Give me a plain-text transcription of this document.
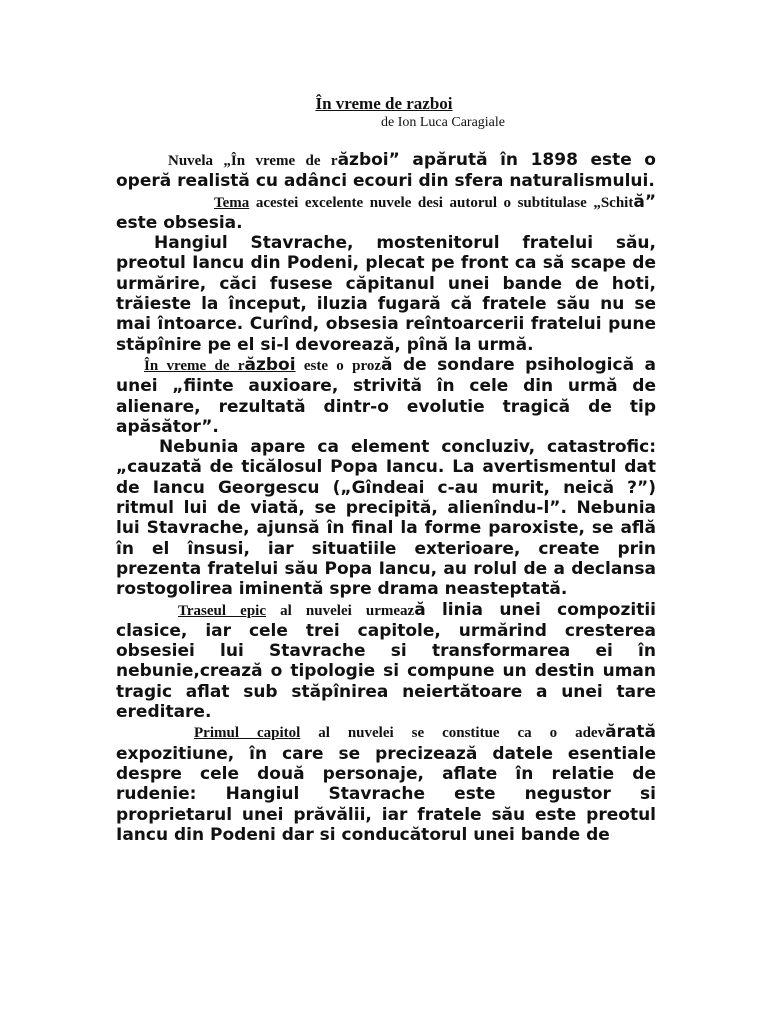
În vreme de razboi
de Ion Luca Caragiale

Nuvela „În vreme de război” apărută în 1898 este o operă realistă cu adânci ecouri din sfera naturalismului.

Tema acestei excelente nuvele desi autorul o subtitulase „Schită” este obsesia.

Hangiul Stavrache, mostenitorul fratelui său, preotul Iancu din Podeni, plecat pe front ca să scape de urmărire, căci fusese căpitanul unei bande de hoti, trăieste la început, iluzia fugară că fratele său nu se mai întoarce. Curînd, obsesia reîntoarcerii fratelui pune stăpînire pe el si-l devorează, pînă la urmă.

În vreme de război este o proză de sondare psihologică a unei „fiinte auxioare, strivită în cele din urmă de alienare, rezultată dintr-o evolutie tragică de tip apăsător”.

Nebunia apare ca element concluziv, catastrofic: „cauzată de ticălosul Popa Iancu. La avertismentul dat de Iancu Georgescu („Gîndeai c-au murit, neică ?”) ritmul lui de viată, se precipită, alienîndu-l”. Nebunia lui Stavrache, ajunsă în final la forme paroxiste, se află în el însusi, iar situatiile exterioare, create prin prezenta fratelui său Popa Iancu, au rolul de a declansa rostogolirea iminentă spre drama neasteptată.

Traseul epic al nuvelei urmează linia unei compozitii clasice, iar cele trei capitole, urmărind cresterea obsesiei lui Stavrache si transformarea ei în nebunie,crează o tipologie si compune un destin uman tragic aflat sub stăpînirea neiertătoare a unei tare ereditare.

Primul capitol al nuvelei se constitue ca o adevărată expozitiune, în care se precizează datele esentiale despre cele două personaje, aflate în relatie de rudenie: Hangiul Stavrache este negustor si proprietarul unei prăvălii, iar fratele său este preotul Iancu din Podeni dar si conducătorul unei bande de
